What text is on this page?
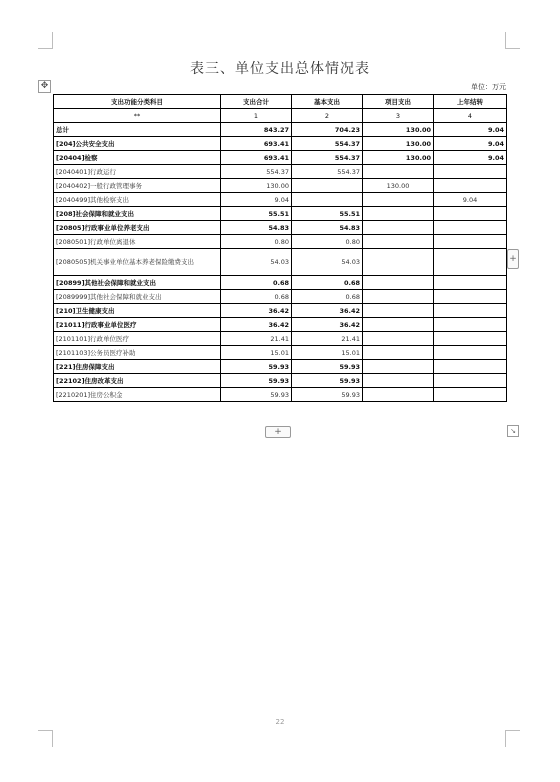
表三、单位支出总体情况表
单位：万元
✥
支出功能分类科目	支出合计	基本支出	项目支出	上年结转
**	1	2	3	4
总计	843.27	704.23	130.00	9.04
[204]公共安全支出	693.41	554.37	130.00	9.04
[20404]检察	693.41	554.37	130.00	9.04
[2040401]行政运行	554.37	554.37		
[2040402]一般行政管理事务	130.00		130.00	
[2040499]其他检察支出	9.04			9.04
[208]社会保障和就业支出	55.51	55.51		
[20805]行政事业单位养老支出	54.83	54.83		
[2080501]行政单位离退休	0.80	0.80		
[2080505]机关事业单位基本养老保险缴费支出	54.03	54.03		
[20899]其他社会保障和就业支出	0.68	0.68		
[2089999]其他社会保障和就业支出	0.68	0.68		
[210]卫生健康支出	36.42	36.42		
[21011]行政事业单位医疗	36.42	36.42		
[2101101]行政单位医疗	21.41	21.41		
[2101103]公务员医疗补助	15.01	15.01		
[221]住房保障支出	59.93	59.93		
[22102]住房改革支出	59.93	59.93		
[2210201]住房公积金	59.93	59.93		
+
+
↘
22
